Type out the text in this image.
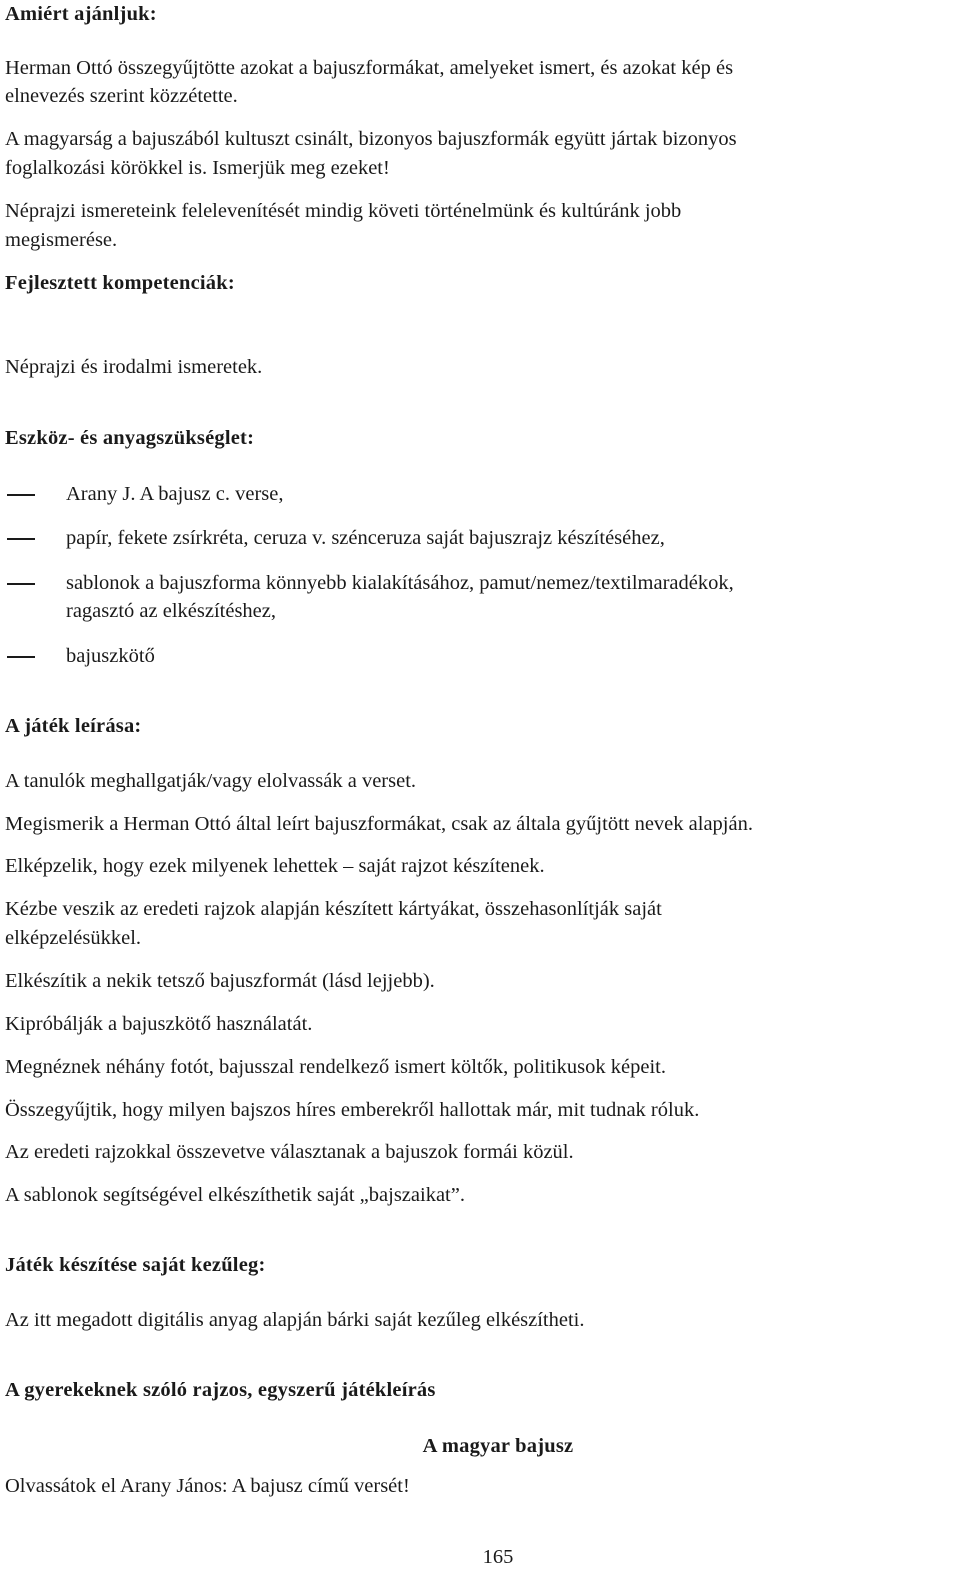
Amiért ajánljuk:

Herman Ottó összegyűjtötte azokat a bajuszformákat, amelyeket ismert, és azokat kép és

elnevezés szerint közzétette.

A magyarság a bajuszából kultuszt csinált, bizonyos bajuszformák együtt jártak bizonyos

foglalkozási körökkel is. Ismerjük meg ezeket!

Néprajzi ismereteink felelevenítését mindig követi történelmünk és kultúránk jobb

megismerése.

Fejlesztett kompetenciák:

Néprajzi és irodalmi ismeretek.

Eszköz- és anyagszükséglet:

Arany J. A bajusz c. verse,
papír, fekete zsírkréta, ceruza v. szénceruza saját bajuszrajz készítéséhez,
sablonok a bajuszforma könnyebb kialakításához, pamut/nemez/textilmaradékok,
ragasztó az elkészítéshez,
bajuszkötő

A játék leírása:

A tanulók meghallgatják/vagy elolvassák a verset.

Megismerik a Herman Ottó által leírt bajuszformákat, csak az általa gyűjtött nevek alapján.

Elképzelik, hogy ezek milyenek lehettek – saját rajzot készítenek.

Kézbe veszik az eredeti rajzok alapján készített kártyákat, összehasonlítják saját

elképzelésükkel.

Elkészítik a nekik tetsző bajuszformát (lásd lejjebb).

Kipróbálják a bajuszkötő használatát.

Megnéznek néhány fotót, bajusszal rendelkező ismert költők, politikusok képeit.

Összegyűjtik, hogy milyen bajszos híres emberekről hallottak már, mit tudnak róluk.

Az eredeti rajzokkal összevetve választanak a bajuszok formái közül.

A sablonok segítségével elkészíthetik saját „bajszaikat”.

Játék készítése saját kezűleg:

Az itt megadott digitális anyag alapján bárki saját kezűleg elkészítheti.

A gyerekeknek szóló rajzos, egyszerű játékleírás

A magyar bajusz

Olvassátok el Arany János: A bajusz című versét!

165
